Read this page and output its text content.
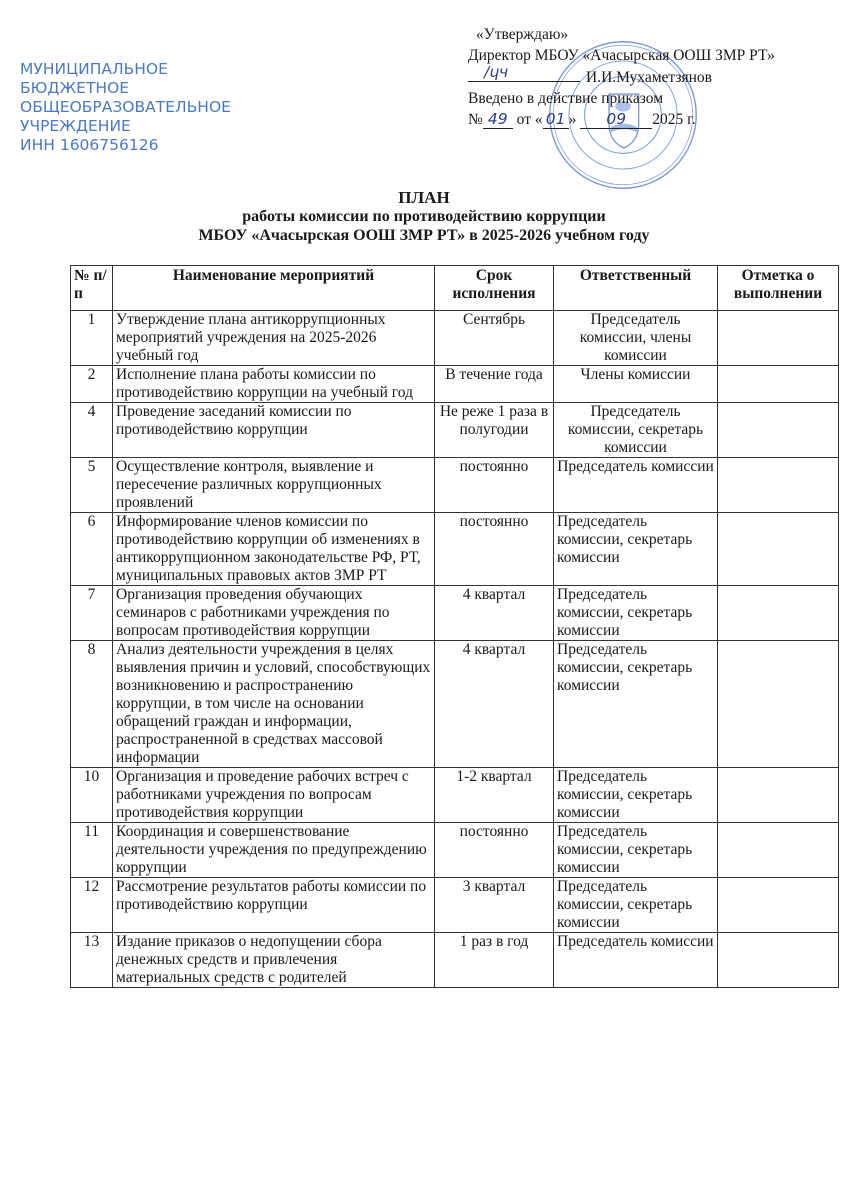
МУНИЦИПАЛЬНОЕ БЮДЖЕТНОЕ ОБЩЕОБРАЗОВАТЕЛЬНОЕ УЧРЕЖДЕНИЕ
ИНН 1606756126
«Утверждаю»
Директор МБОУ «Ачасырская ООШ ЗМР РТ»
/ɥч	И.И.Мухаметзянов
Введено в действие приказом
№ 49 от « 01 » 09 2025 г.
ПЛАН
работы комиссии по противодействию коррупции
МБОУ «Ачасырская ООШ ЗМР РТ» в 2025-2026 учебном году
№ п/п	Наименование мероприятий	Срок исполнения	Ответственный	Отметка о выполнении
1	Утверждение плана антикоррупционных мероприятий учреждения на 2025-2026 учебный год	Сентябрь	Председатель комиссии, члены комиссии	
2	Исполнение плана работы комиссии по противодействию коррупции на учебный год	В течение года	Члены комиссии	
4	Проведение заседаний комиссии по противодействию коррупции	Не реже 1 раза в полугодии	Председатель комиссии, секретарь комиссии	
5	Осуществление контроля, выявление и пересечение различных коррупционных проявлений	постоянно	Председатель комиссии	
6	Информирование членов комиссии по противодействию коррупции об изменениях в антикоррупционном законодательстве РФ, РТ, муниципальных правовых актов ЗМР РТ	постоянно	Председатель комиссии, секретарь комиссии	
7	Организация проведения обучающих семинаров с работниками учреждения по вопросам противодействия коррупции	4 квартал	Председатель комиссии, секретарь комиссии	
8	Анализ деятельности учреждения в целях выявления причин и условий, способствующих возникновению и распространению коррупции, в том числе на основании обращений граждан и информации, распространенной в средствах массовой информации	4 квартал	Председатель комиссии, секретарь комиссии	
10	Организация и проведение рабочих встреч с работниками учреждения по вопросам противодействия коррупции	1-2 квартал	Председатель комиссии, секретарь комиссии	
11	Координация и совершенствование деятельности учреждения по предупреждению коррупции	постоянно	Председатель комиссии, секретарь комиссии	
12	Рассмотрение результатов работы комиссии по противодействию коррупции	3 квартал	Председатель комиссии, секретарь комиссии	
13	Издание приказов о недопущении сбора денежных средств и привлечения материальных средств с родителей	1 раз в год	Председатель комиссии	
